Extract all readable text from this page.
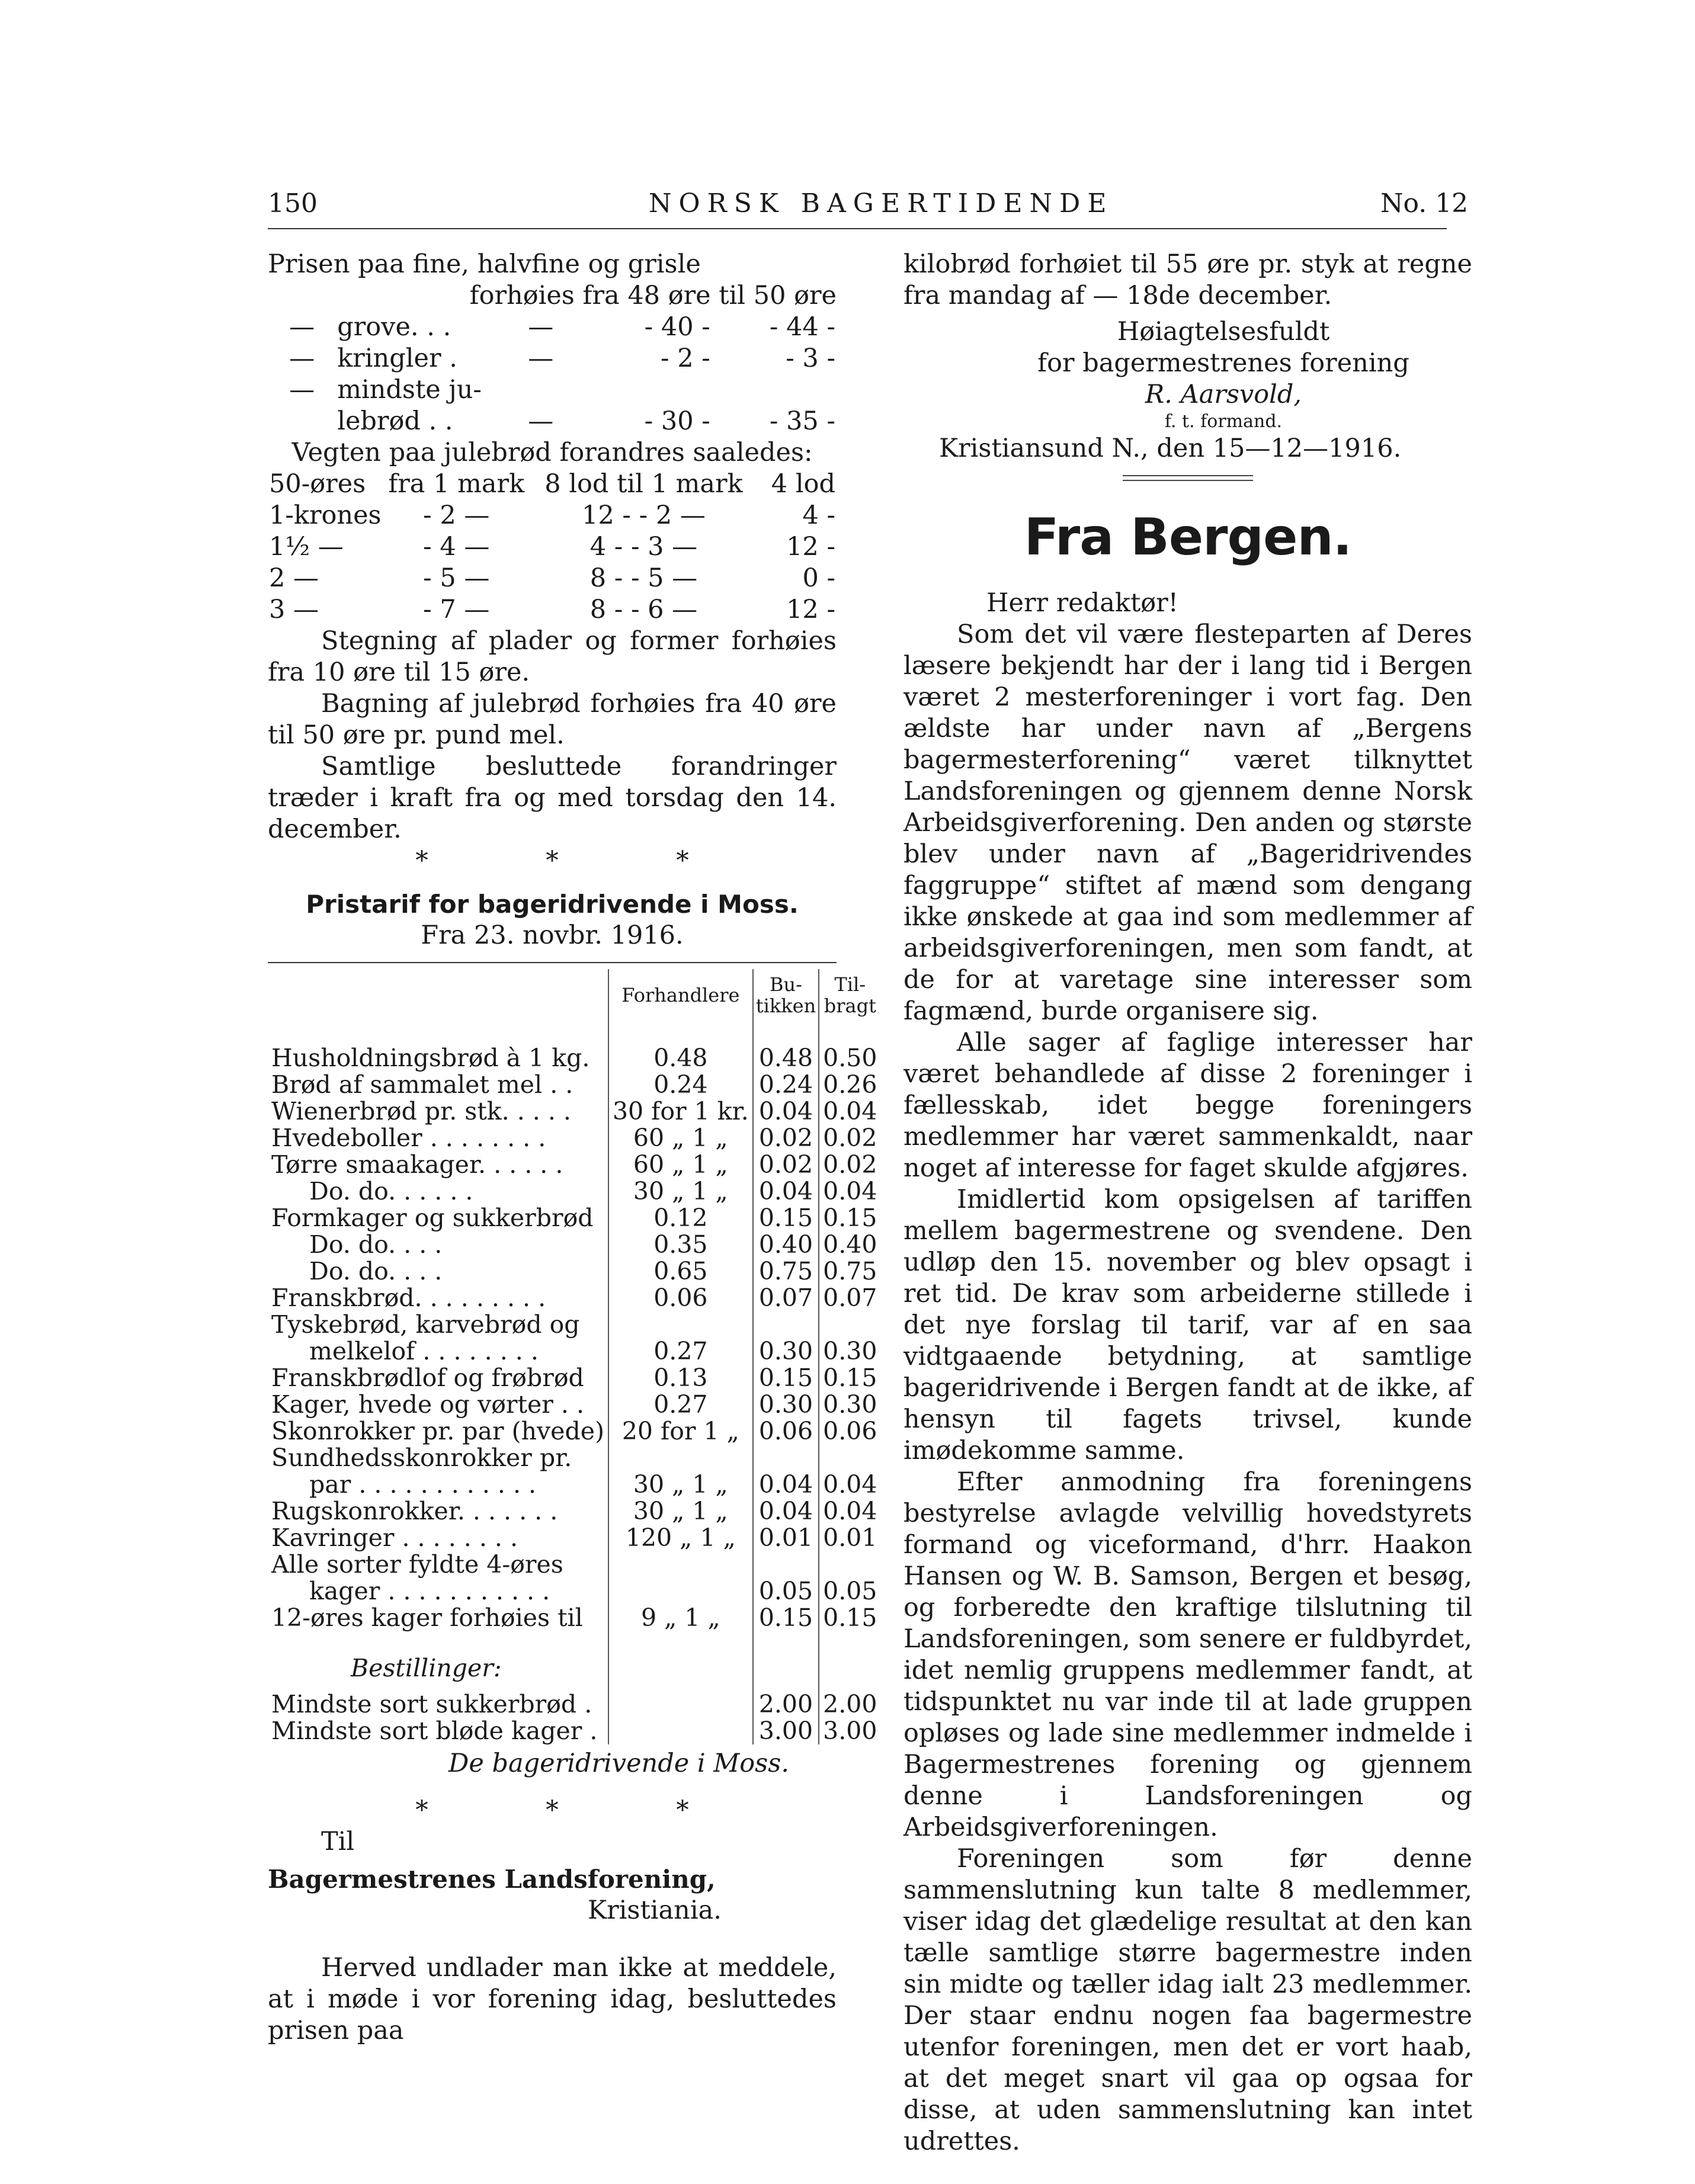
150	NORSK BAGERTIDENDE	No. 12
Prisen paa fine, halvfine og grisle
forhøies fra 48 øre til 50 øre
—	grove. . .	—	- 40 -	- 44 -
—	kringler .	—	- 2 -	- 3 -
—	mindste ju-			
	lebrød . .	—	- 30 -	- 35 -
Vegten paa julebrød forandres saaledes:
50-øres	fra 1 mark	8 lod til 1 mark	4 lod
1-krones	- 2 —	12 - - 2 —	4 -
1½ —	- 4 —	4 - - 3 —	12 -
2 —	- 5 —	8 - - 5 —	0 -
3 —	- 7 —	8 - - 6 —	12 -
Stegning af plader og former forhøies fra 10 øre til 15 øre.
Bagning af julebrød forhøies fra 40 øre til 50 øre pr. pund mel.
Samtlige besluttede forandringer træder i kraft fra og med torsdag den 14. december.
*	*	*
Pristarif for bageridrivende i Moss.
Fra 23. novbr. 1916.
	Forhandlere	Bu-tikken	Til-bragt

Husholdningsbrød à 1 kg.	0.48	0.48	0.50
Brød af sammalet mel . .	0.24	0.24	0.26
Wienerbrød pr. stk. . . . .	30 for 1 kr.	0.04	0.04
Hvedeboller . . . . . . . .	60 „ 1 „	0.02	0.02
Tørre smaakager. . . . . .	60 „ 1 „	0.02	0.02
Do. do. . . . . .	30 „ 1 „	0.04	0.04
Formkager og sukkerbrød	0.12	0.15	0.15
Do. do. . . .	0.35	0.40	0.40
Do. do. . . .	0.65	0.75	0.75
Franskbrød. . . . . . . . .	0.06	0.07	0.07
Tyskebrød, karvebrød og			
melkelof . . . . . . . .	0.27	0.30	0.30
Franskbrødlof og frøbrød	0.13	0.15	0.15
Kager, hvede og vørter . .	0.27	0.30	0.30
Skonrokker pr. par (hvede)	20 for 1 „	0.06	0.06
Sundhedsskonrokker pr.			
par . . . . . . . . . . . .	30 „ 1 „	0.04	0.04
Rugskonrokker. . . . . . .	30 „ 1 „	0.04	0.04
Kavringer . . . . . . . .	120 „ 1 „	0.01	0.01
Alle sorter fyldte 4-øres			
kager . . . . . . . . . . .		0.05	0.05
12-øres kager forhøies til	9 „ 1 „	0.15	0.15

Bestillinger:			

Mindste sort sukkerbrød .		2.00	2.00
Mindste sort bløde kager .		3.00	3.00
De bageridrivende i Moss.
*	*	*
Til
Bagermestrenes Landsforening,
Kristiania.
Herved undlader man ikke at meddele, at i møde i vor forening idag, besluttedes prisen paa
kilobrød forhøiet til 55 øre pr. styk at regne fra mandag af — 18de december.
Høiagtelsesfuldt
for bagermestrenes forening
R. Aarsvold,
f. t. formand.
Kristiansund N., den 15—12—1916.
Fra Bergen.
Herr redaktør!
Som det vil være flesteparten af Deres læsere bekjendt har der i lang tid i Bergen været 2 mesterforeninger i vort fag. Den ældste har under navn af „Bergens bagermesterforening“ været tilknyttet Landsforeningen og gjennem denne Norsk Arbeidsgiverforening. Den anden og største blev under navn af „Bageridrivendes faggruppe“ stiftet af mænd som dengang ikke ønskede at gaa ind som medlemmer af arbeidsgiverforeningen, men som fandt, at de for at varetage sine interesser som fagmænd, burde organisere sig.
Alle sager af faglige interesser har været behandlede af disse 2 foreninger i fællesskab, idet begge foreningers medlemmer har været sammenkaldt, naar noget af interesse for faget skulde afgjøres.
Imidlertid kom opsigelsen af tariffen mellem bagermestrene og svendene. Den udløp den 15. november og blev opsagt i ret tid. De krav som arbeiderne stillede i det nye forslag til tarif, var af en saa vidtgaaende betydning, at samtlige bageridrivende i Bergen fandt at de ikke, af hensyn til fagets trivsel, kunde imødekomme samme.
Efter anmodning fra foreningens bestyrelse avlagde velvillig hovedstyrets formand og viceformand, d'hrr. Haakon Hansen og W. B. Samson, Bergen et besøg, og forberedte den kraftige tilslutning til Landsforeningen, som senere er fuldbyrdet, idet nemlig gruppens medlemmer fandt, at tidspunktet nu var inde til at lade gruppen opløses og lade sine medlemmer indmelde i Bagermestrenes forening og gjennem denne i Landsforeningen og Arbeidsgiverforeningen.
Foreningen som før denne sammenslutning kun talte 8 medlemmer, viser idag det glædelige resultat at den kan tælle samtlige større bagermestre inden sin midte og tæller idag ialt 23 medlemmer. Der staar endnu nogen faa bagermestre utenfor foreningen, men det er vort haab, at det meget snart vil gaa op ogsaa for disse, at uden sammenslutning kan intet udrettes.
